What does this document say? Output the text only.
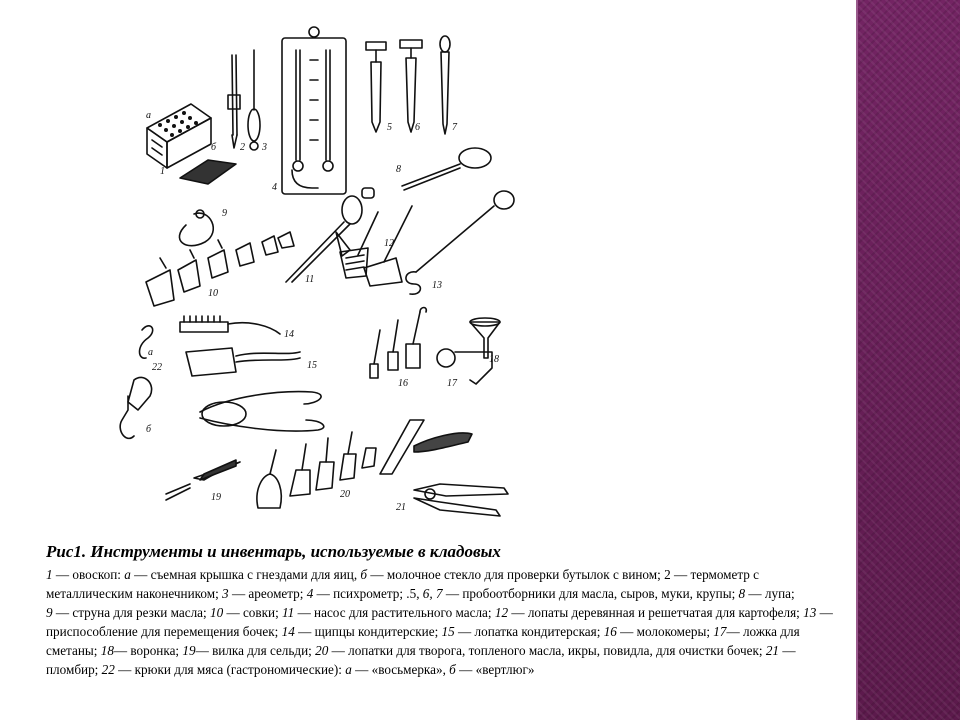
1
а
б 2 3
4
5 6	7
8
9
10
11
12
13
14
15
16	17
18
19	20
21
22
а
б
Рис1. Инструменты и инвентарь, используемые в кладовых

1 — овоскоп: а — съемная крышка с гнездами для яиц, б — молочное стекло для проверки бутылок с вином; 2 — термометр с металлическим наконечником; 3 — ареометр; 4 — психрометр; .5, 6, 7 — пробоотборники для масла, сыров, муки, крупы; 8 — лупа;

9 — струна для резки масла; 10 — совки; 11 — насос для растительного масла; 12 — лопаты деревянная и решетчатая для картофеля; 13 — приспособление для перемещения бочек; 14 — щипцы кондитерские; 15 — лопатка кондитерская; 16 — молокомеры; 17— ложка для сметаны; 18— воронка; 19— вилка для сельди; 20 — лопатки для творога, топленого масла, икры, повидла, для очистки бочек; 21 — пломбир; 22 — крюки для мяса (гастрономические): а — «восьмерка», б — «вертлюг»
